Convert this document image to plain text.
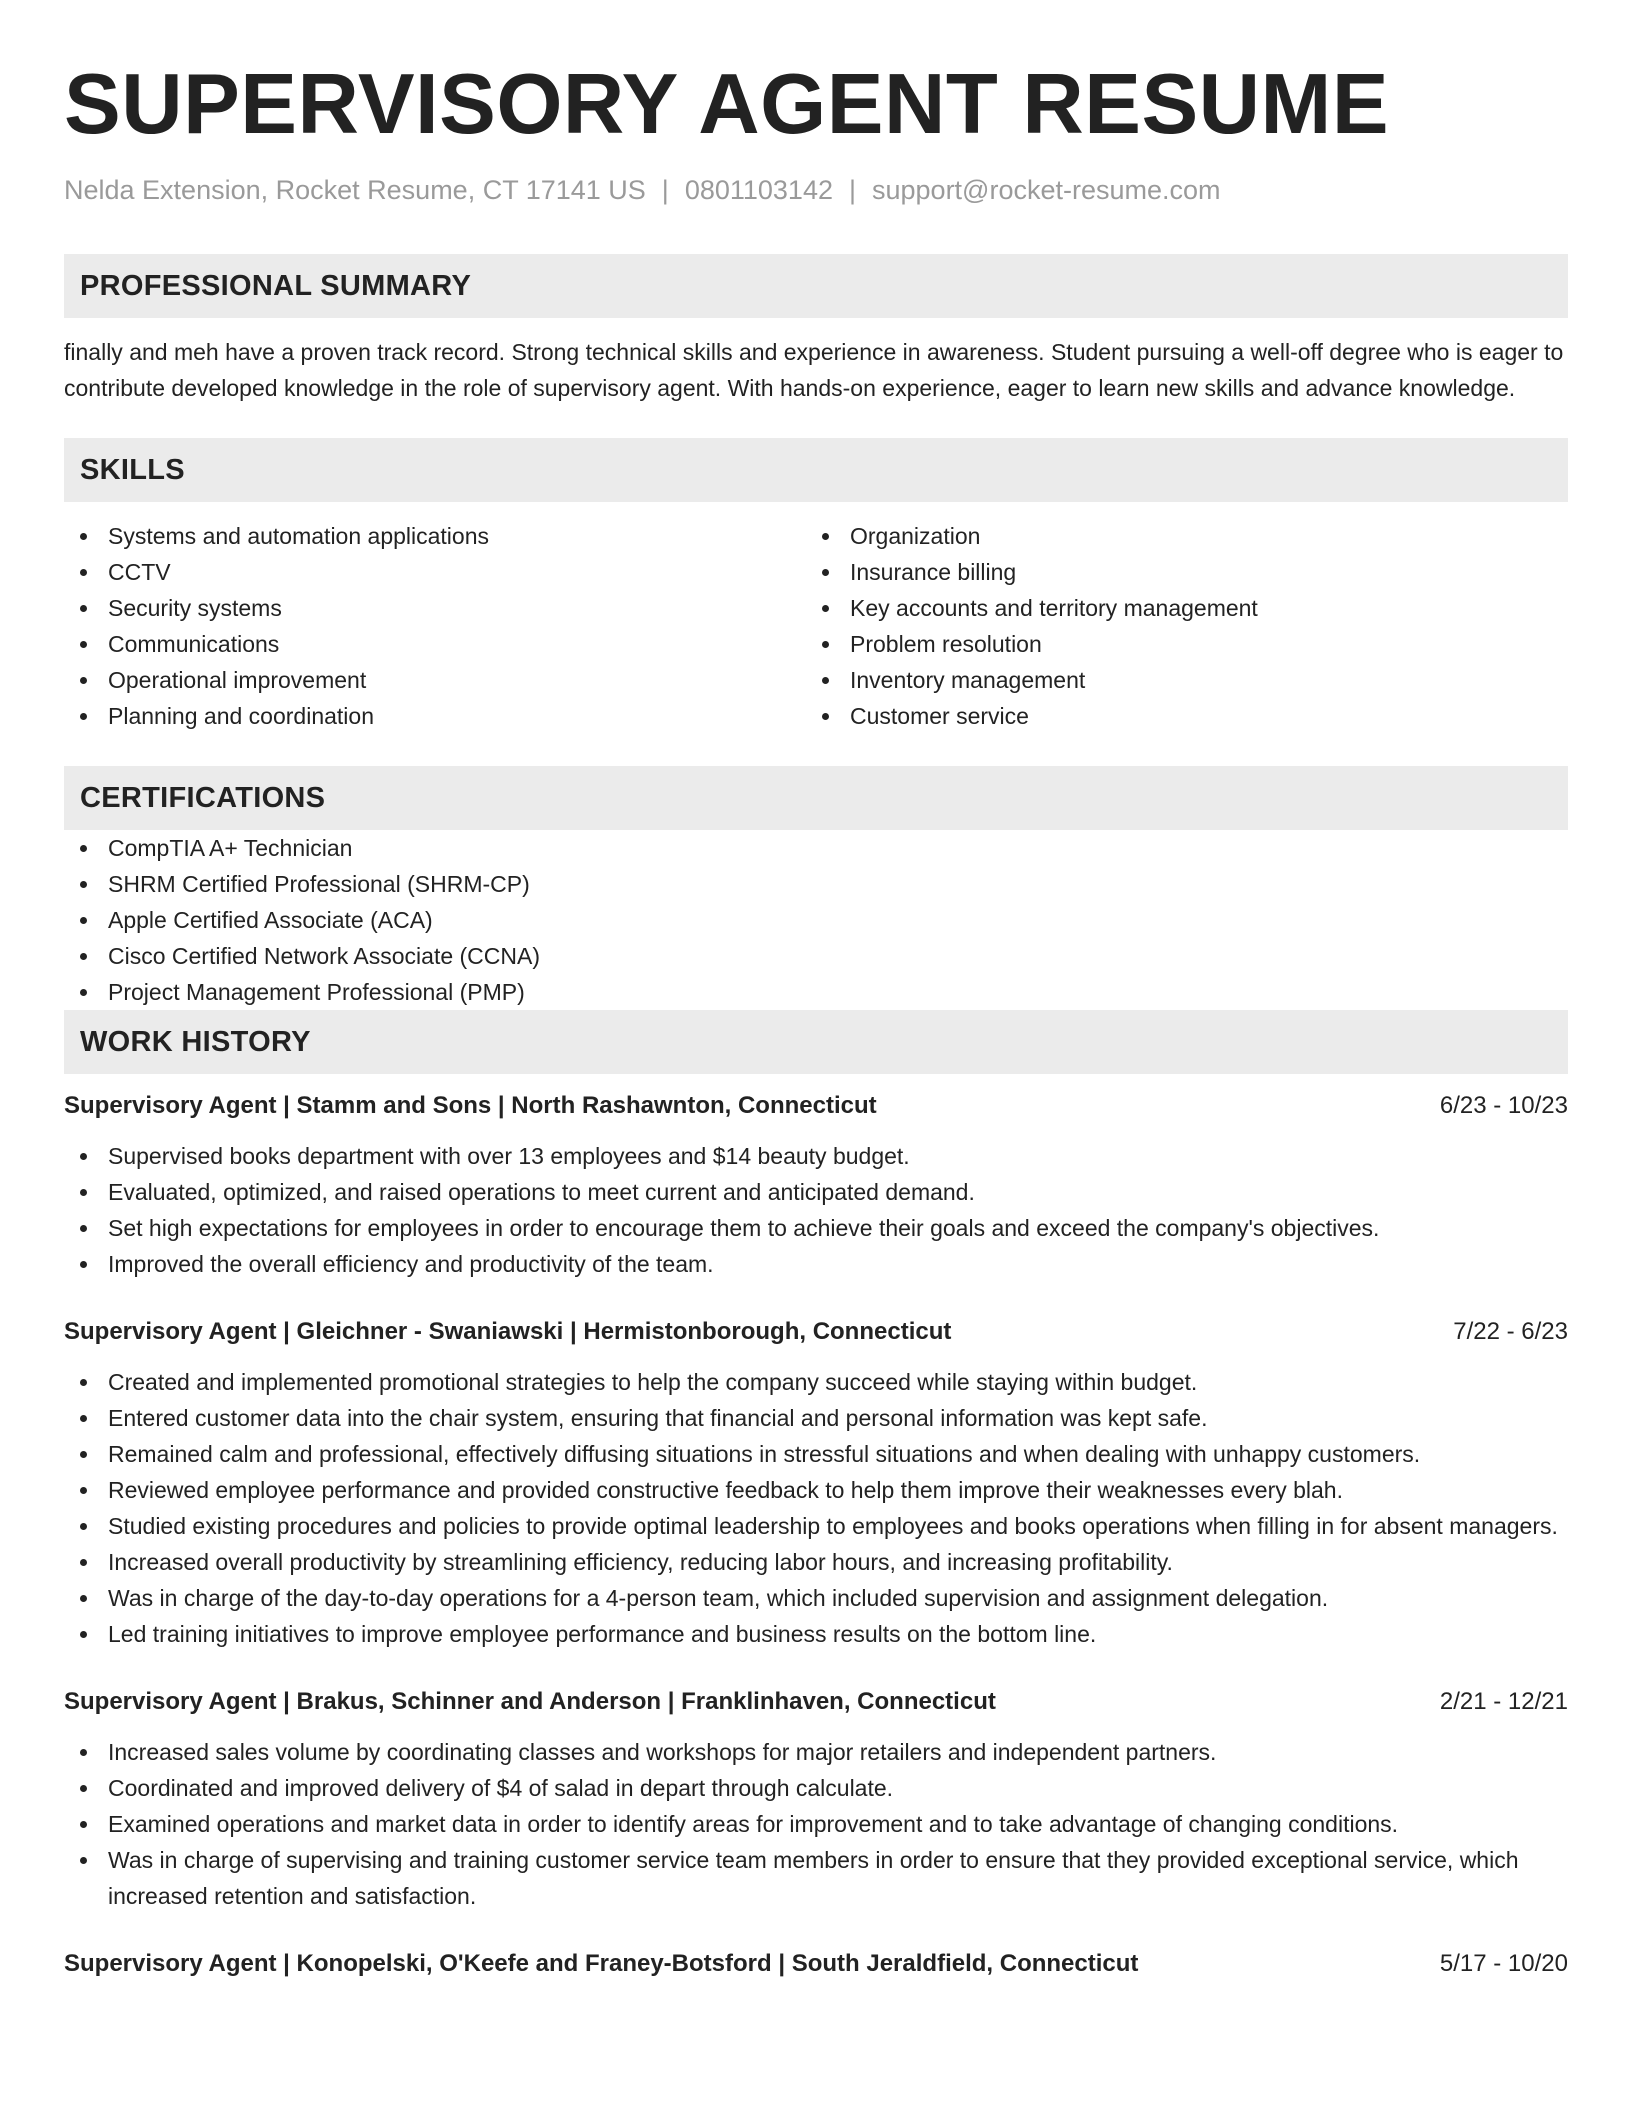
SUPERVISORY AGENT RESUME
Nelda Extension, Rocket Resume, CT 17141 US | 0801103142 | support@rocket-resume.com
PROFESSIONAL SUMMARY

finally and meh have a proven track record. Strong technical skills and experience in awareness. Student pursuing a well-off degree who is eager to contribute developed knowledge in the role of supervisory agent. With hands-on experience, eager to learn new skills and advance knowledge.

SKILLS
Systems and automation applications
CCTV
Security systems
Communications
Operational improvement
Planning and coordination
Organization
Insurance billing
Key accounts and territory management
Problem resolution
Inventory management
Customer service
CERTIFICATIONS
CompTIA A+ Technician
SHRM Certified Professional (SHRM-CP)
Apple Certified Associate (ACA)
Cisco Certified Network Associate (CCNA)
Project Management Professional (PMP)
WORK HISTORY
Supervisory Agent | Stamm and Sons | North Rashawnton, Connecticut	6/23 - 10/23
Supervised books department with over 13 employees and $14 beauty budget.
Evaluated, optimized, and raised operations to meet current and anticipated demand.
Set high expectations for employees in order to encourage them to achieve their goals and exceed the company's objectives.
Improved the overall efficiency and productivity of the team.
Supervisory Agent | Gleichner - Swaniawski | Hermistonborough, Connecticut	7/22 - 6/23
Created and implemented promotional strategies to help the company succeed while staying within budget.
Entered customer data into the chair system, ensuring that financial and personal information was kept safe.
Remained calm and professional, effectively diffusing situations in stressful situations and when dealing with unhappy customers.
Reviewed employee performance and provided constructive feedback to help them improve their weaknesses every blah.
Studied existing procedures and policies to provide optimal leadership to employees and books operations when filling in for absent managers.
Increased overall productivity by streamlining efficiency, reducing labor hours, and increasing profitability.
Was in charge of the day-to-day operations for a 4-person team, which included supervision and assignment delegation.
Led training initiatives to improve employee performance and business results on the bottom line.
Supervisory Agent | Brakus, Schinner and Anderson | Franklinhaven, Connecticut	2/21 - 12/21
Increased sales volume by coordinating classes and workshops for major retailers and independent partners.
Coordinated and improved delivery of $4 of salad in depart through calculate.
Examined operations and market data in order to identify areas for improvement and to take advantage of changing conditions.
Was in charge of supervising and training customer service team members in order to ensure that they provided exceptional service, which increased retention and satisfaction.
Supervisory Agent | Konopelski, O'Keefe and Franey-Botsford | South Jeraldfield, Connecticut	5/17 - 10/20
